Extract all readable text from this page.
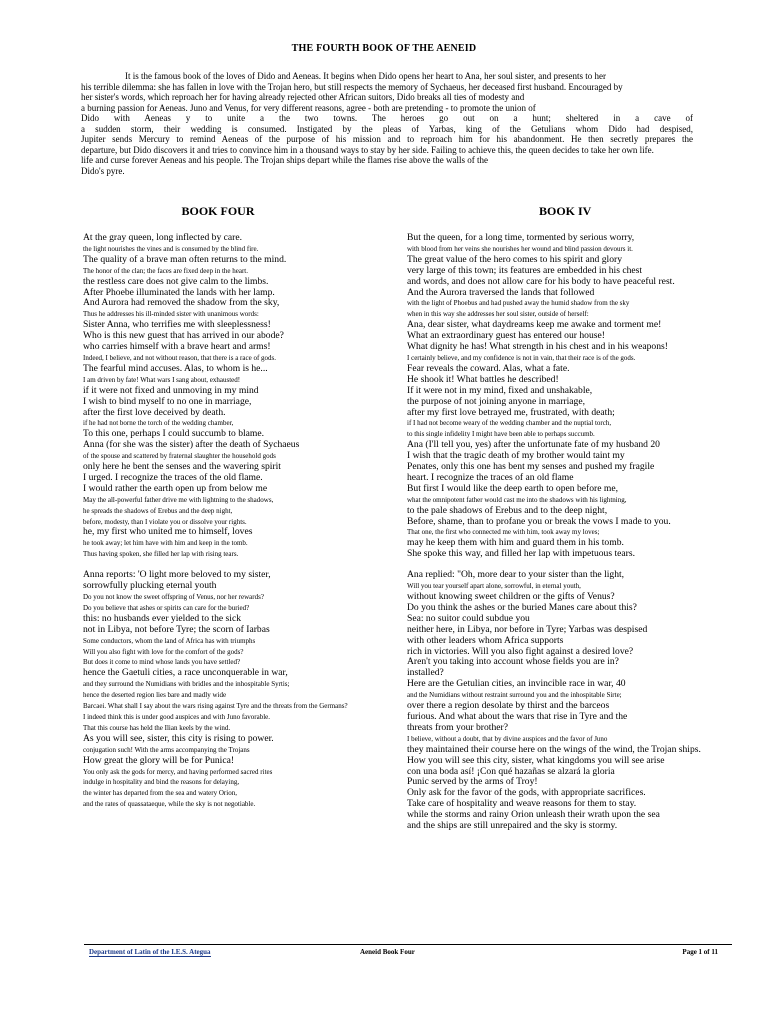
THE FOURTH BOOK OF THE AENEID
It is the famous book of the loves of Dido and Aeneas. It begins when Dido opens her heart to Ana, her soul sister, and presents to her
his terrible dilemma: she has fallen in love with the Trojan hero, but still respects the memory of Sychaeus, her deceased first husband. Encouraged by
her sister's words, which reproach her for having already rejected other African suitors, Dido breaks all ties of modesty and
a burning passion for Aeneas. Juno and Venus, for very different reasons, agree - both are pretending - to promote the union of
Dido with Aeneas y to unite a the two towns. The heroes go out on a hunt; sheltered in a cave of
a sudden storm, their wedding is consumed. Instigated by the pleas of Yarbas, king of the Getulians whom Dido had despised,
Jupiter sends Mercury to remind Aeneas of the purpose of his mission and to reproach him for his abandonment. He then secretly prepares the
departure, but Dido discovers it and tries to convince him in a thousand ways to stay by her side. Failing to achieve this, the queen decides to take her own life.
life and curse forever Aeneas and his people. The Trojan ships depart while the flames rise above the walls of the
Dido's pyre.
BOOK FOUR	BOOK IV
At the gray queen, long inflected by care.
the light nourishes the vines and is consumed by the blind fire.
The quality of a brave man often returns to the mind.
The honor of the clan; the faces are fixed deep in the heart.
the restless care does not give calm to the limbs.
After Phoebe illuminated the lands with her lamp.
And Aurora had removed the shadow from the sky,
Thus he addresses his ill-minded sister with unanimous words:
Sister Anna, who terrifies me with sleeplessness!
Who is this new guest that has arrived in our abode?
who carries himself with a brave heart and arms!
Indeed, I believe, and not without reason, that there is a race of gods.
The fearful mind accuses. Alas, to whom is he...
I am driven by fate! What wars I sang about, exhausted!
if it were not fixed and unmoving in my mind
I wish to bind myself to no one in marriage,
after the first love deceived by death.
if he had not borne the torch of the wedding chamber,
To this one, perhaps I could succumb to blame.
Anna (for she was the sister) after the death of Sychaeus
of the spouse and scattered by fraternal slaughter the household gods
only here he bent the senses and the wavering spirit
I urged. I recognize the traces of the old flame.
I would rather the earth open up from below me
May the all-powerful father drive me with lightning to the shadows,
he spreads the shadows of Erebus and the deep night,
before, modesty, than I violate you or dissolve your rights.
he, my first who united me to himself, loves
he took away; let him have with him and keep in the tomb.
Thus having spoken, she filled her lap with rising tears.
Anna reports: 'O light more beloved to my sister,
sorrowfully plucking eternal youth
Do you not know the sweet offspring of Venus, nor her rewards?
Do you believe that ashes or spirits can care for the buried?
this: no husbands ever yielded to the sick
not in Libya, not before Tyre; the scorn of Iarbas
Some conductors, whom the land of Africa has with triumphs
Will you also fight with love for the comfort of the gods?
But does it come to mind whose lands you have settled?
hence the Gaetuli cities, a race unconquerable in war,
and they surround the Numidians with bridles and the inhospitable Syrtis;
hence the deserted region lies bare and madly wide
Barcaei. What shall I say about the wars rising against Tyre and the threats from the Germans?
I indeed think this is under good auspices and with Juno favorable.
That this course has held the Ilian keels by the wind.
As you will see, sister, this city is rising to power.
conjugation such! With the arms accompanying the Trojans
How great the glory will be for Punica!
You only ask the gods for mercy, and having performed sacred rites
indulge in hospitality and bind the reasons for delaying,
the winter has departed from the sea and watery Orion,
and the rates of quassataeque, while the sky is not negotiable.
But the queen, for a long time, tormented by serious worry,
with blood from her veins she nourishes her wound and blind passion devours it.
The great value of the hero comes to his spirit and glory
very large of this town; its features are embedded in his chest
and words, and does not allow care for his body to have peaceful rest.
And the Aurora traversed the lands that followed
with the light of Phoebus and had pushed away the humid shadow from the sky
when in this way she addresses her soul sister, outside of herself:
Ana, dear sister, what daydreams keep me awake and torment me!
What an extraordinary guest has entered our house!
What dignity he has! What strength in his chest and in his weapons!
I certainly believe, and my confidence is not in vain, that their race is of the gods.
Fear reveals the coward. Alas, what a fate.
He shook it! What battles he described!
If it were not in my mind, fixed and unshakable,
the purpose of not joining anyone in marriage,
after my first love betrayed me, frustrated, with death;
if I had not become weary of the wedding chamber and the nuptial torch,
to this single infidelity I might have been able to perhaps succumb.
Ana (I'll tell you, yes) after the unfortunate fate of my husband 20
I wish that the tragic death of my brother would taint my
Penates, only this one has bent my senses and pushed my fragile
heart. I recognize the traces of an old flame
But first I would like the deep earth to open before me,
what the omnipotent father would cast me into the shadows with his lightning,
to the pale shadows of Erebus and to the deep night,
Before, shame, than to profane you or break the vows I made to you.
That one, the first who connected me with him, took away my loves;
may he keep them with him and guard them in his tomb.
She spoke this way, and filled her lap with impetuous tears.
Ana replied: "Oh, more dear to your sister than the light,
Will you tear yourself apart alone, sorrowful, in eternal youth,
without knowing sweet children or the gifts of Venus?
Do you think the ashes or the buried Manes care about this?
Sea: no suitor could subdue you
neither here, in Libya, nor before in Tyre; Yarbas was despised
with other leaders whom Africa supports
rich in victories. Will you also fight against a desired love?
Aren't you taking into account whose fields you are in?
installed?
Here are the Getulian cities, an invincible race in war, 40
and the Numidians without restraint surround you and the inhospitable Sirte;
over there a region desolate by thirst and the barceos
furious. And what about the wars that rise in Tyre and the
threats from your brother?
I believe, without a doubt, that by divine auspices and the favor of Juno
they maintained their course here on the wings of the wind, the Trojan ships.
How you will see this city, sister, what kingdoms you will see arise
con una boda así! ¡Con qué hazañas se alzará la gloria
Punic served by the arms of Troy!
Only ask for the favor of the gods, with appropriate sacrifices.
Take care of hospitality and weave reasons for them to stay.
while the storms and rainy Orion unleash their wrath upon the sea
and the ships are still unrepaired and the sky is stormy.
Department of Latin of the I.E.S. Ategua	Aeneid Book Four	Page 1 of 11
